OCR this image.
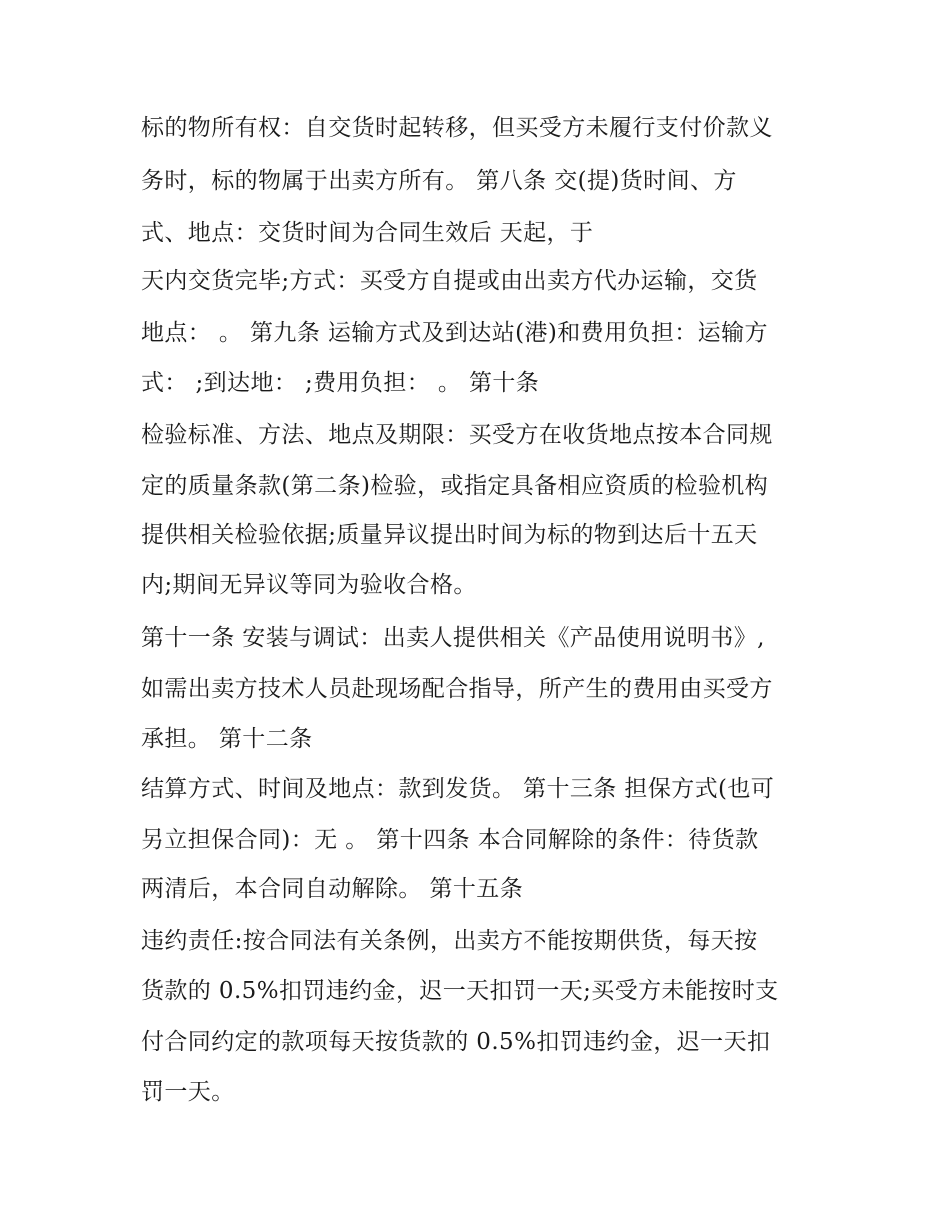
标的物所有权：自交货时起转移，但买受方未履行支付价款义
务时，标的物属于出卖方所有。 第八条 交(提)货时间、方
式、地点：交货时间为合同生效后 天起，于
天内交货完毕;方式：买受方自提或由出卖方代办运输，交货
地点： 。 第九条 运输方式及到达站(港)和费用负担：运输方
式： ;到达地： ;费用负担： 。 第十条
检验标准、方法、地点及期限：买受方在收货地点按本合同规
定的质量条款(第二条)检验，或指定具备相应资质的检验机构
提供相关检验依据;质量异议提出时间为标的物到达后十五天
内;期间无异议等同为验收合格。
第十一条 安装与调试：出卖人提供相关《产品使用说明书》,
如需出卖方技术人员赴现场配合指导，所产生的费用由买受方
承担。 第十二条
结算方式、时间及地点：款到发货。 第十三条 担保方式(也可
另立担保合同)：无 。 第十四条 本合同解除的条件：待货款
两清后，本合同自动解除。 第十五条
违约责任:按合同法有关条例，出卖方不能按期供货，每天按
货款的 0.5%扣罚违约金，迟一天扣罚一天;买受方未能按时支
付合同约定的款项每天按货款的 0.5%扣罚违约金，迟一天扣
罚一天。
